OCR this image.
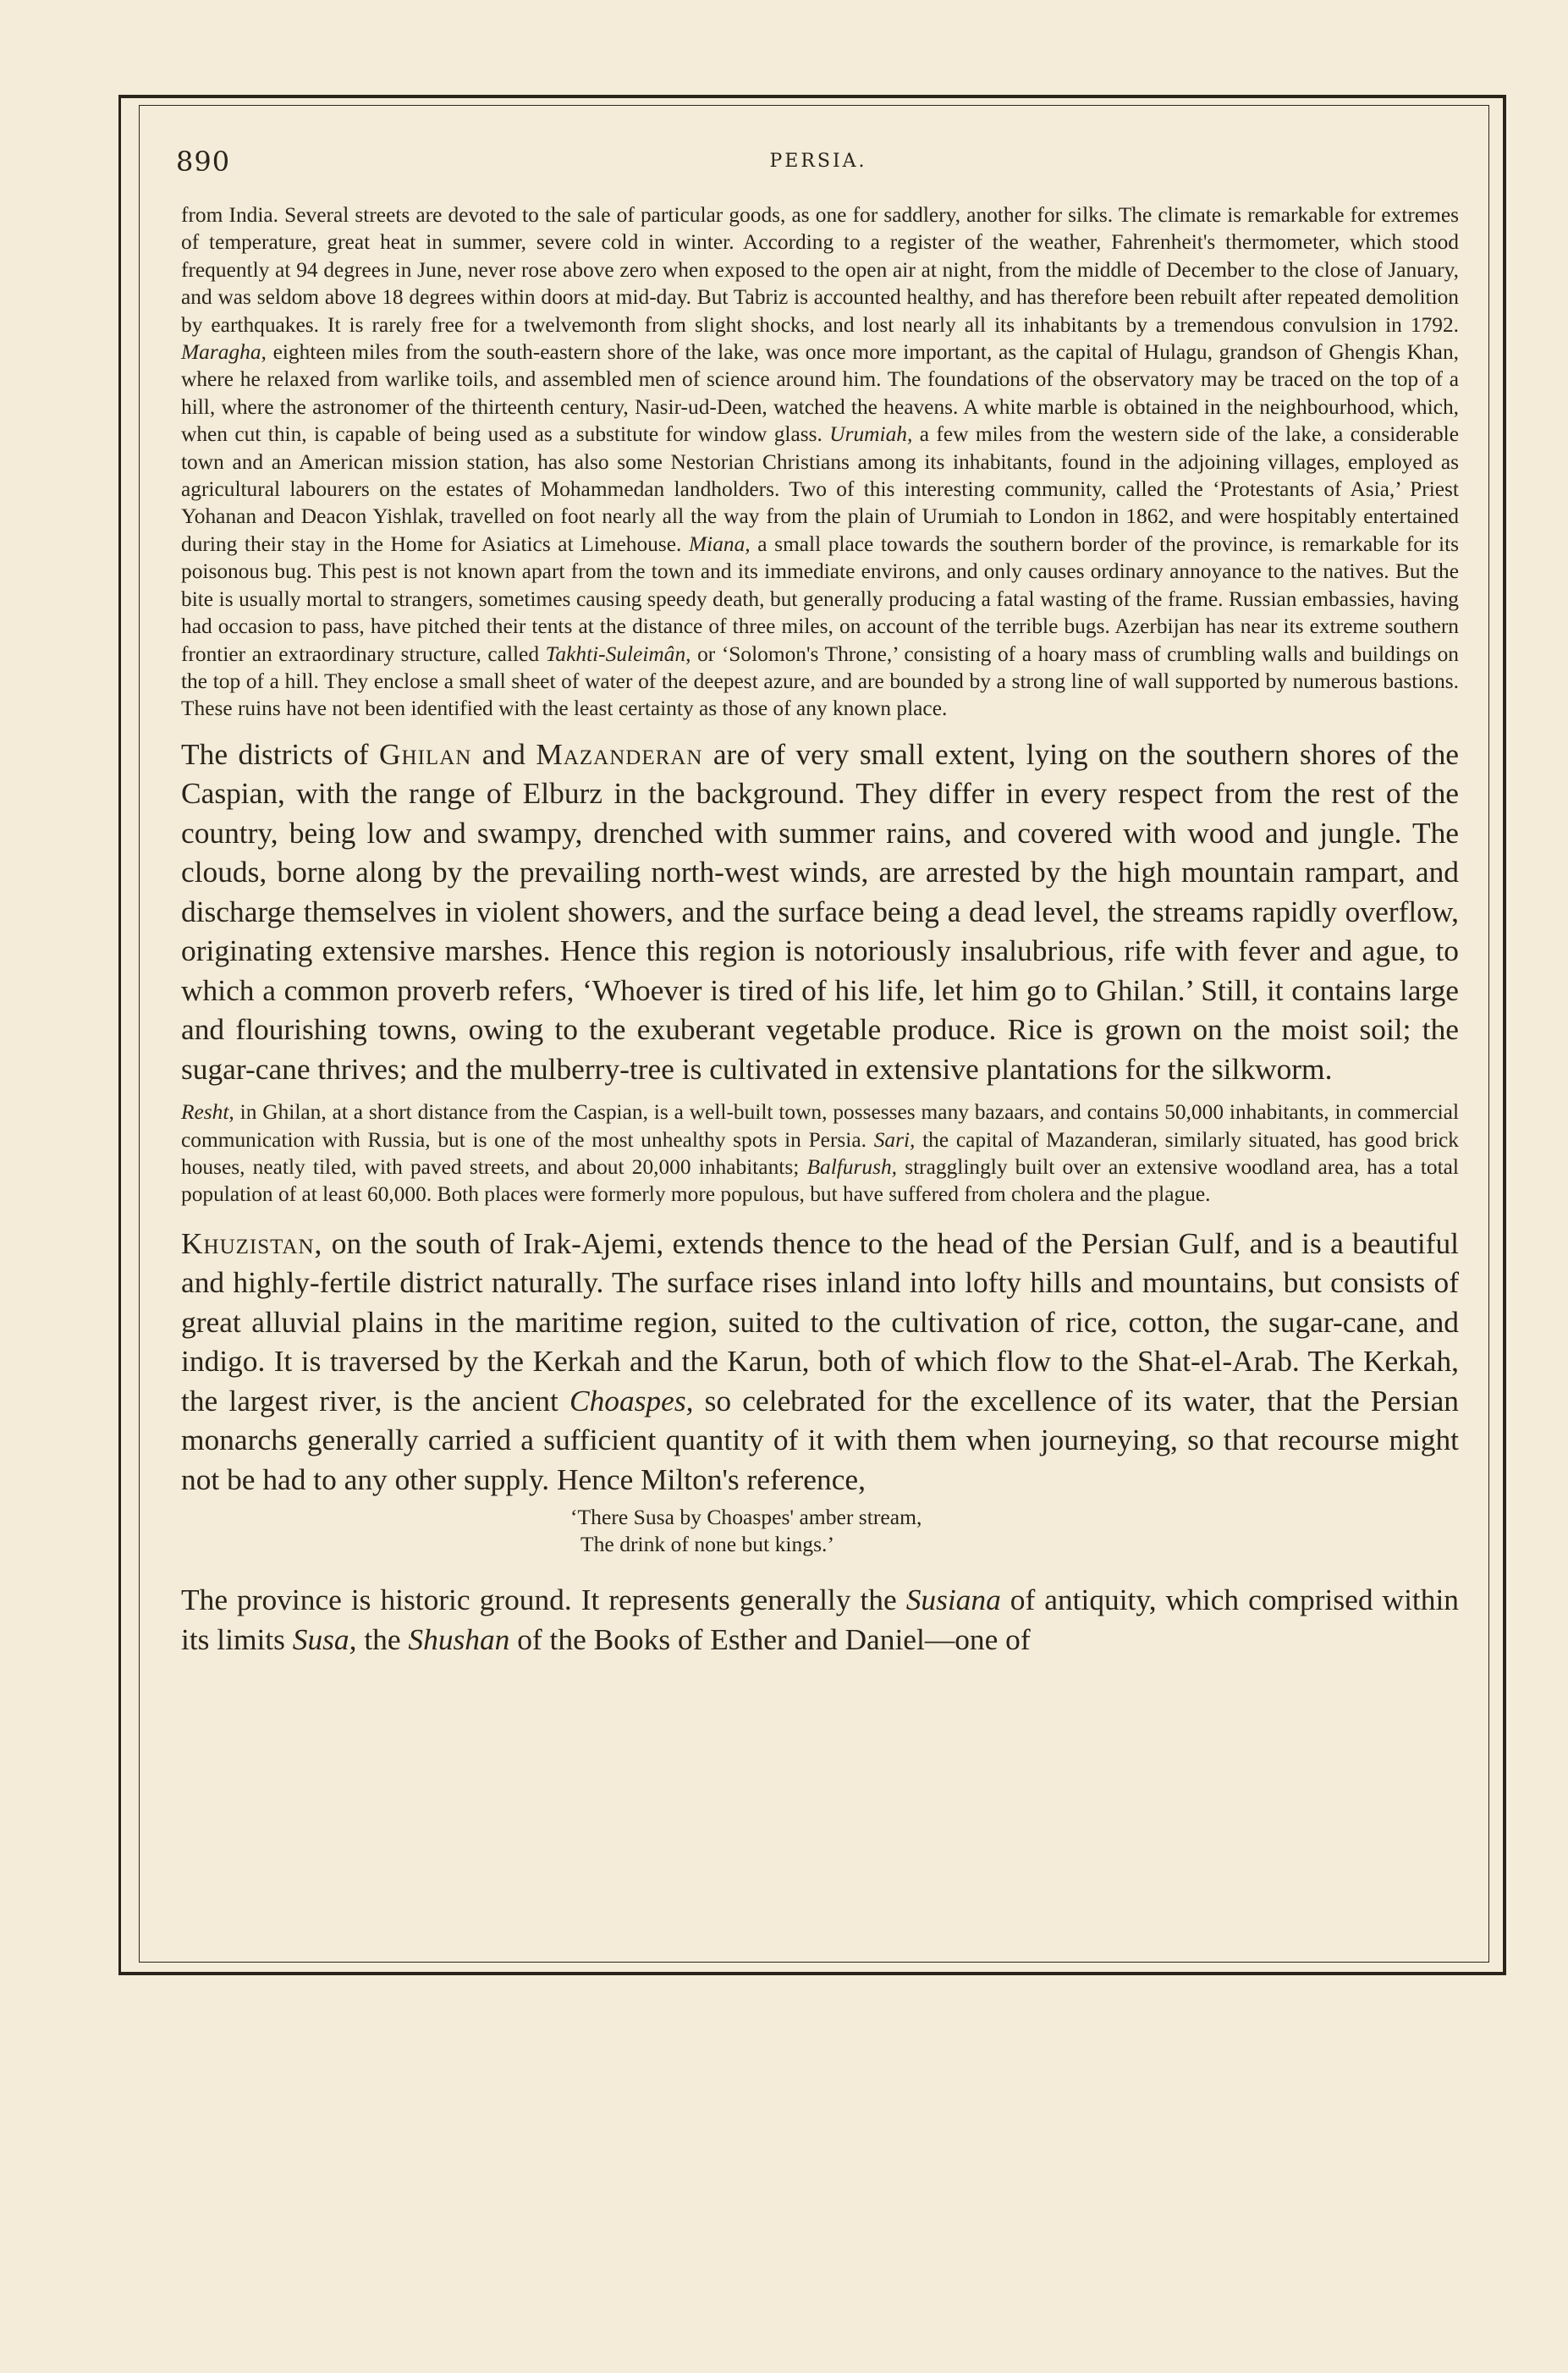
890	PERSIA.

from India. Several streets are devoted to the sale of particular goods, as one for saddlery, another for silks. The climate is remarkable for extremes of temperature, great heat in summer, severe cold in winter. According to a register of the weather, Fahrenheit's thermometer, which stood frequently at 94 degrees in June, never rose above zero when exposed to the open air at night, from the middle of December to the close of January, and was seldom above 18 degrees within doors at mid-day. But Tabriz is accounted healthy, and has therefore been rebuilt after repeated demolition by earthquakes. It is rarely free for a twelvemonth from slight shocks, and lost nearly all its inhabitants by a tremendous convulsion in 1792. Maragha, eighteen miles from the south-eastern shore of the lake, was once more important, as the capital of Hulagu, grandson of Ghengis Khan, where he relaxed from warlike toils, and assembled men of science around him. The foundations of the observatory may be traced on the top of a hill, where the astronomer of the thirteenth century, Nasir-ud-Deen, watched the heavens. A white marble is obtained in the neighbourhood, which, when cut thin, is capable of being used as a substitute for window glass. Urumiah, a few miles from the western side of the lake, a considerable town and an American mission station, has also some Nestorian Christians among its inhabitants, found in the adjoining villages, employed as agricultural labourers on the estates of Mohammedan landholders. Two of this interesting community, called the ‘Protestants of Asia,’ Priest Yohanan and Deacon Yishlak, travelled on foot nearly all the way from the plain of Urumiah to London in 1862, and were hospitably entertained during their stay in the Home for Asiatics at Limehouse. Miana, a small place towards the southern border of the province, is remarkable for its poisonous bug. This pest is not known apart from the town and its immediate environs, and only causes ordinary annoyance to the natives. But the bite is usually mortal to strangers, sometimes causing speedy death, but generally producing a fatal wasting of the frame. Russian embassies, having had occasion to pass, have pitched their tents at the distance of three miles, on account of the terrible bugs. Azerbijan has near its extreme southern frontier an extraordinary structure, called Takhti-Suleimân, or ‘Solomon's Throne,’ consisting of a hoary mass of crumbling walls and buildings on the top of a hill. They enclose a small sheet of water of the deepest azure, and are bounded by a strong line of wall supported by numerous bastions. These ruins have not been identified with the least certainty as those of any known place.

The districts of Ghilan and Mazanderan are of very small extent, lying on the southern shores of the Caspian, with the range of Elburz in the background. They differ in every respect from the rest of the country, being low and swampy, drenched with summer rains, and covered with wood and jungle. The clouds, borne along by the prevailing north-west winds, are arrested by the high mountain rampart, and discharge themselves in violent showers, and the surface being a dead level, the streams rapidly overflow, originating extensive marshes. Hence this region is notoriously insalubrious, rife with fever and ague, to which a common proverb refers, ‘Whoever is tired of his life, let him go to Ghilan.’ Still, it contains large and flourishing towns, owing to the exuberant vegetable produce. Rice is grown on the moist soil; the sugar-cane thrives; and the mulberry-tree is cultivated in extensive plantations for the silkworm.

Resht, in Ghilan, at a short distance from the Caspian, is a well-built town, possesses many bazaars, and contains 50,000 inhabitants, in commercial communication with Russia, but is one of the most unhealthy spots in Persia. Sari, the capital of Mazanderan, similarly situated, has good brick houses, neatly tiled, with paved streets, and about 20,000 inhabitants; Balfurush, stragglingly built over an extensive woodland area, has a total population of at least 60,000. Both places were formerly more populous, but have suffered from cholera and the plague.

Khuzistan, on the south of Irak-Ajemi, extends thence to the head of the Persian Gulf, and is a beautiful and highly-fertile district naturally. The surface rises inland into lofty hills and mountains, but consists of great alluvial plains in the maritime region, suited to the cultivation of rice, cotton, the sugar-cane, and indigo. It is traversed by the Kerkah and the Karun, both of which flow to the Shat-el-Arab. The Kerkah, the largest river, is the ancient Choaspes, so celebrated for the excellence of its water, that the Persian monarchs generally carried a sufficient quantity of it with them when journeying, so that recourse might not be had to any other supply. Hence Milton's reference,

‘There Susa by Choaspes' amber stream,

The drink of none but kings.’

The province is historic ground. It represents generally the Susiana of antiquity, which comprised within its limits Susa, the Shushan of the Books of Esther and Daniel—one of
